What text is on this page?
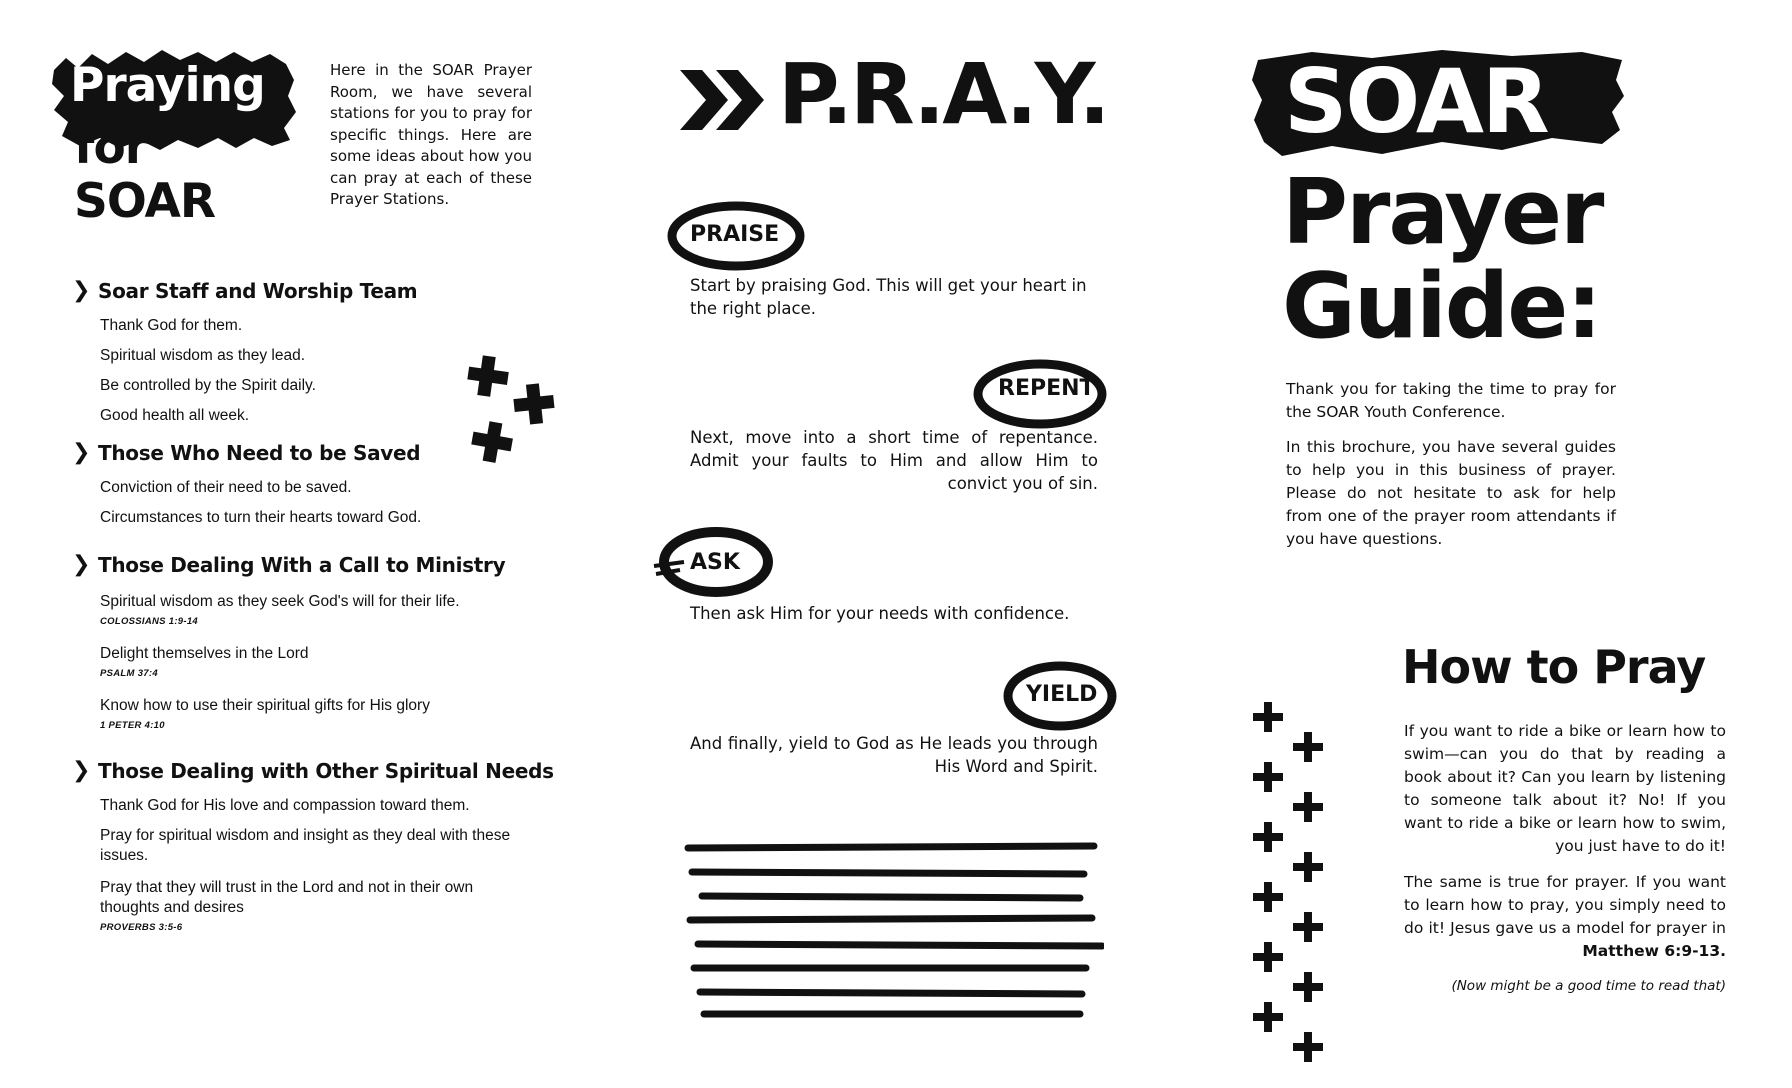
Praying
for
SOAR
Here in the SOAR Prayer Room, we have several stations for you to pray for specific things. Here are some ideas about how you can pray at each of these Prayer Stations.
❯ Soar Staff and Worship Team
Thank God for them.
Spiritual wisdom as they lead.
Be controlled by the Spirit daily.
Good health all week.
❯ Those Who Need to be Saved
Conviction of their need to be saved.
Circumstances to turn their hearts toward God.
❯ Those Dealing With a Call to Ministry
Spiritual wisdom as they seek God's will for their life.
COLOSSIANS 1:9-14
Delight themselves in the Lord
PSALM 37:4
Know how to use their spiritual gifts for His glory
1 PETER 4:10
❯ Those Dealing with Other Spiritual Needs
Thank God for His love and compassion toward them.
Pray for spiritual wisdom and insight as they deal with these issues.
Pray that they will trust in the Lord and not in their own thoughts and desires
PROVERBS 3:5-6
P.R.A.Y.
PRAISE
Start by praising God. This will get your heart in the right place.
REPENT
Next, move into a short time of repentance. Admit your faults to Him and allow Him to convict you of sin.
ASK
Then ask Him for your needs with confidence.
YIELD
And finally, yield to God as He leads you through His Word and Spirit.
SOAR
Prayer
Guide:

Thank you for taking the time to pray for the SOAR Youth Conference.

In this brochure, you have several guides to help you in this business of prayer. Please do not hesitate to ask for help from one of the prayer room attendants if you have questions.

How to Pray

If you want to ride a bike or learn how to swim—can you do that by reading a book about it? Can you learn by listening to someone talk about it? No! If you want to ride a bike or learn how to swim, you just have to do it!

The same is true for prayer. If you want to learn how to pray, you simply need to do it! Jesus gave us a model for prayer in Matthew 6:9-13.

(Now might be a good time to read that)
